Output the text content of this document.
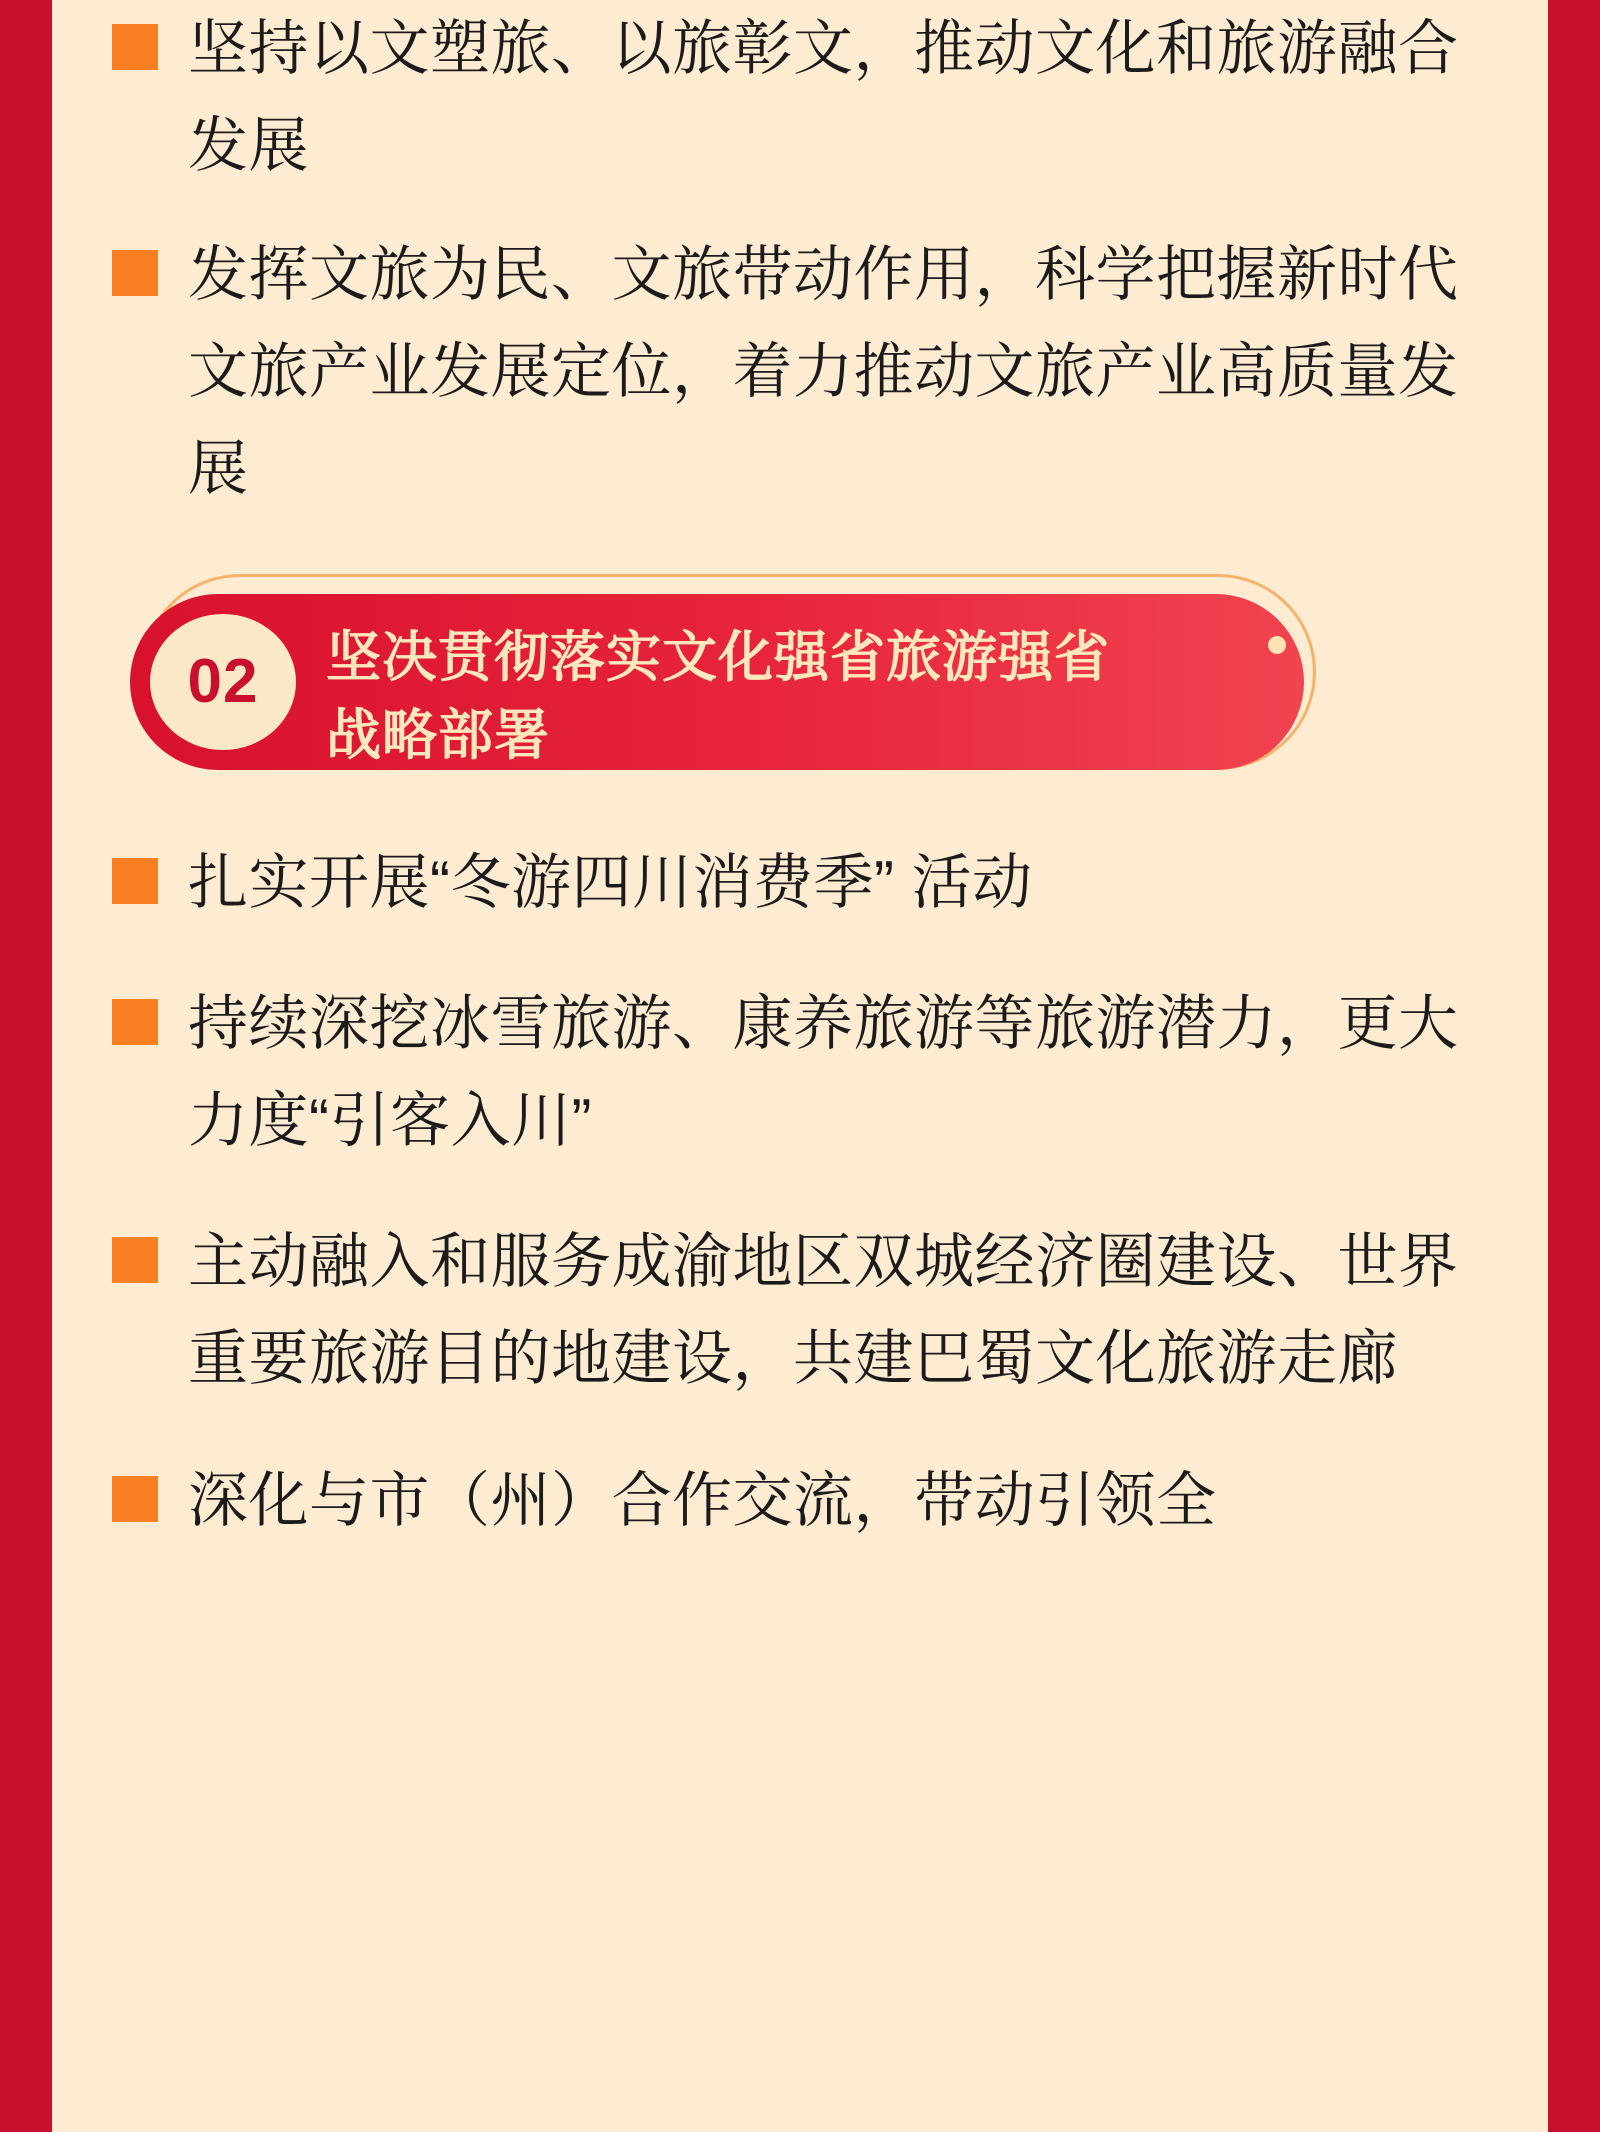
坚持以文塑旅、以旅彰文，推动文化和旅游融合发展
发挥文旅为民、文旅带动作用，科学把握新时代文旅产业发展定位，着力推动文旅产业高质量发展
02	坚决贯彻落实文化强省旅游强省
战略部署
扎实开展“冬游四川消费季” 活动
持续深挖冰雪旅游、康养旅游等旅游潜力，更大力度“引客入川”
主动融入和服务成渝地区双城经济圈建设、世界重要旅游目的地建设，共建巴蜀文化旅游走廊
深化与市（州）合作交流，带动引领全
